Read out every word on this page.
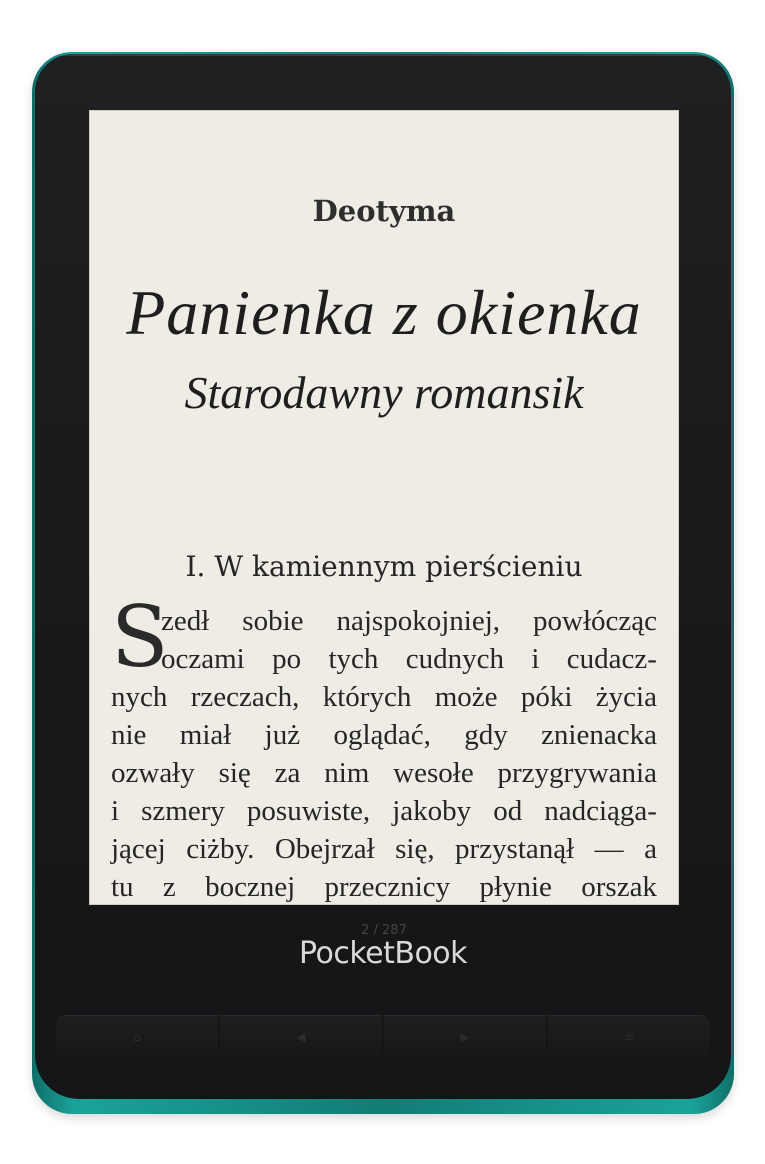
Deotyma
Panienka z okienka
Starodawny romansik
I. W kamiennym pierścieniu
S
zedł sobie najspokojniej, powłócząc
oczami po tych cudnych i cudacz-
nych rzeczach, których może póki życia
nie miał już oglądać, gdy znienacka
ozwały się za nim wesołe przygrywania
i szmery posuwiste, jakoby od nadciąga-
jącej ciżby. Obejrzał się, przystanął — a
tu z bocznej przecznicy płynie orszak
2 / 287
PocketBook
⌂	◀	▶	≡
